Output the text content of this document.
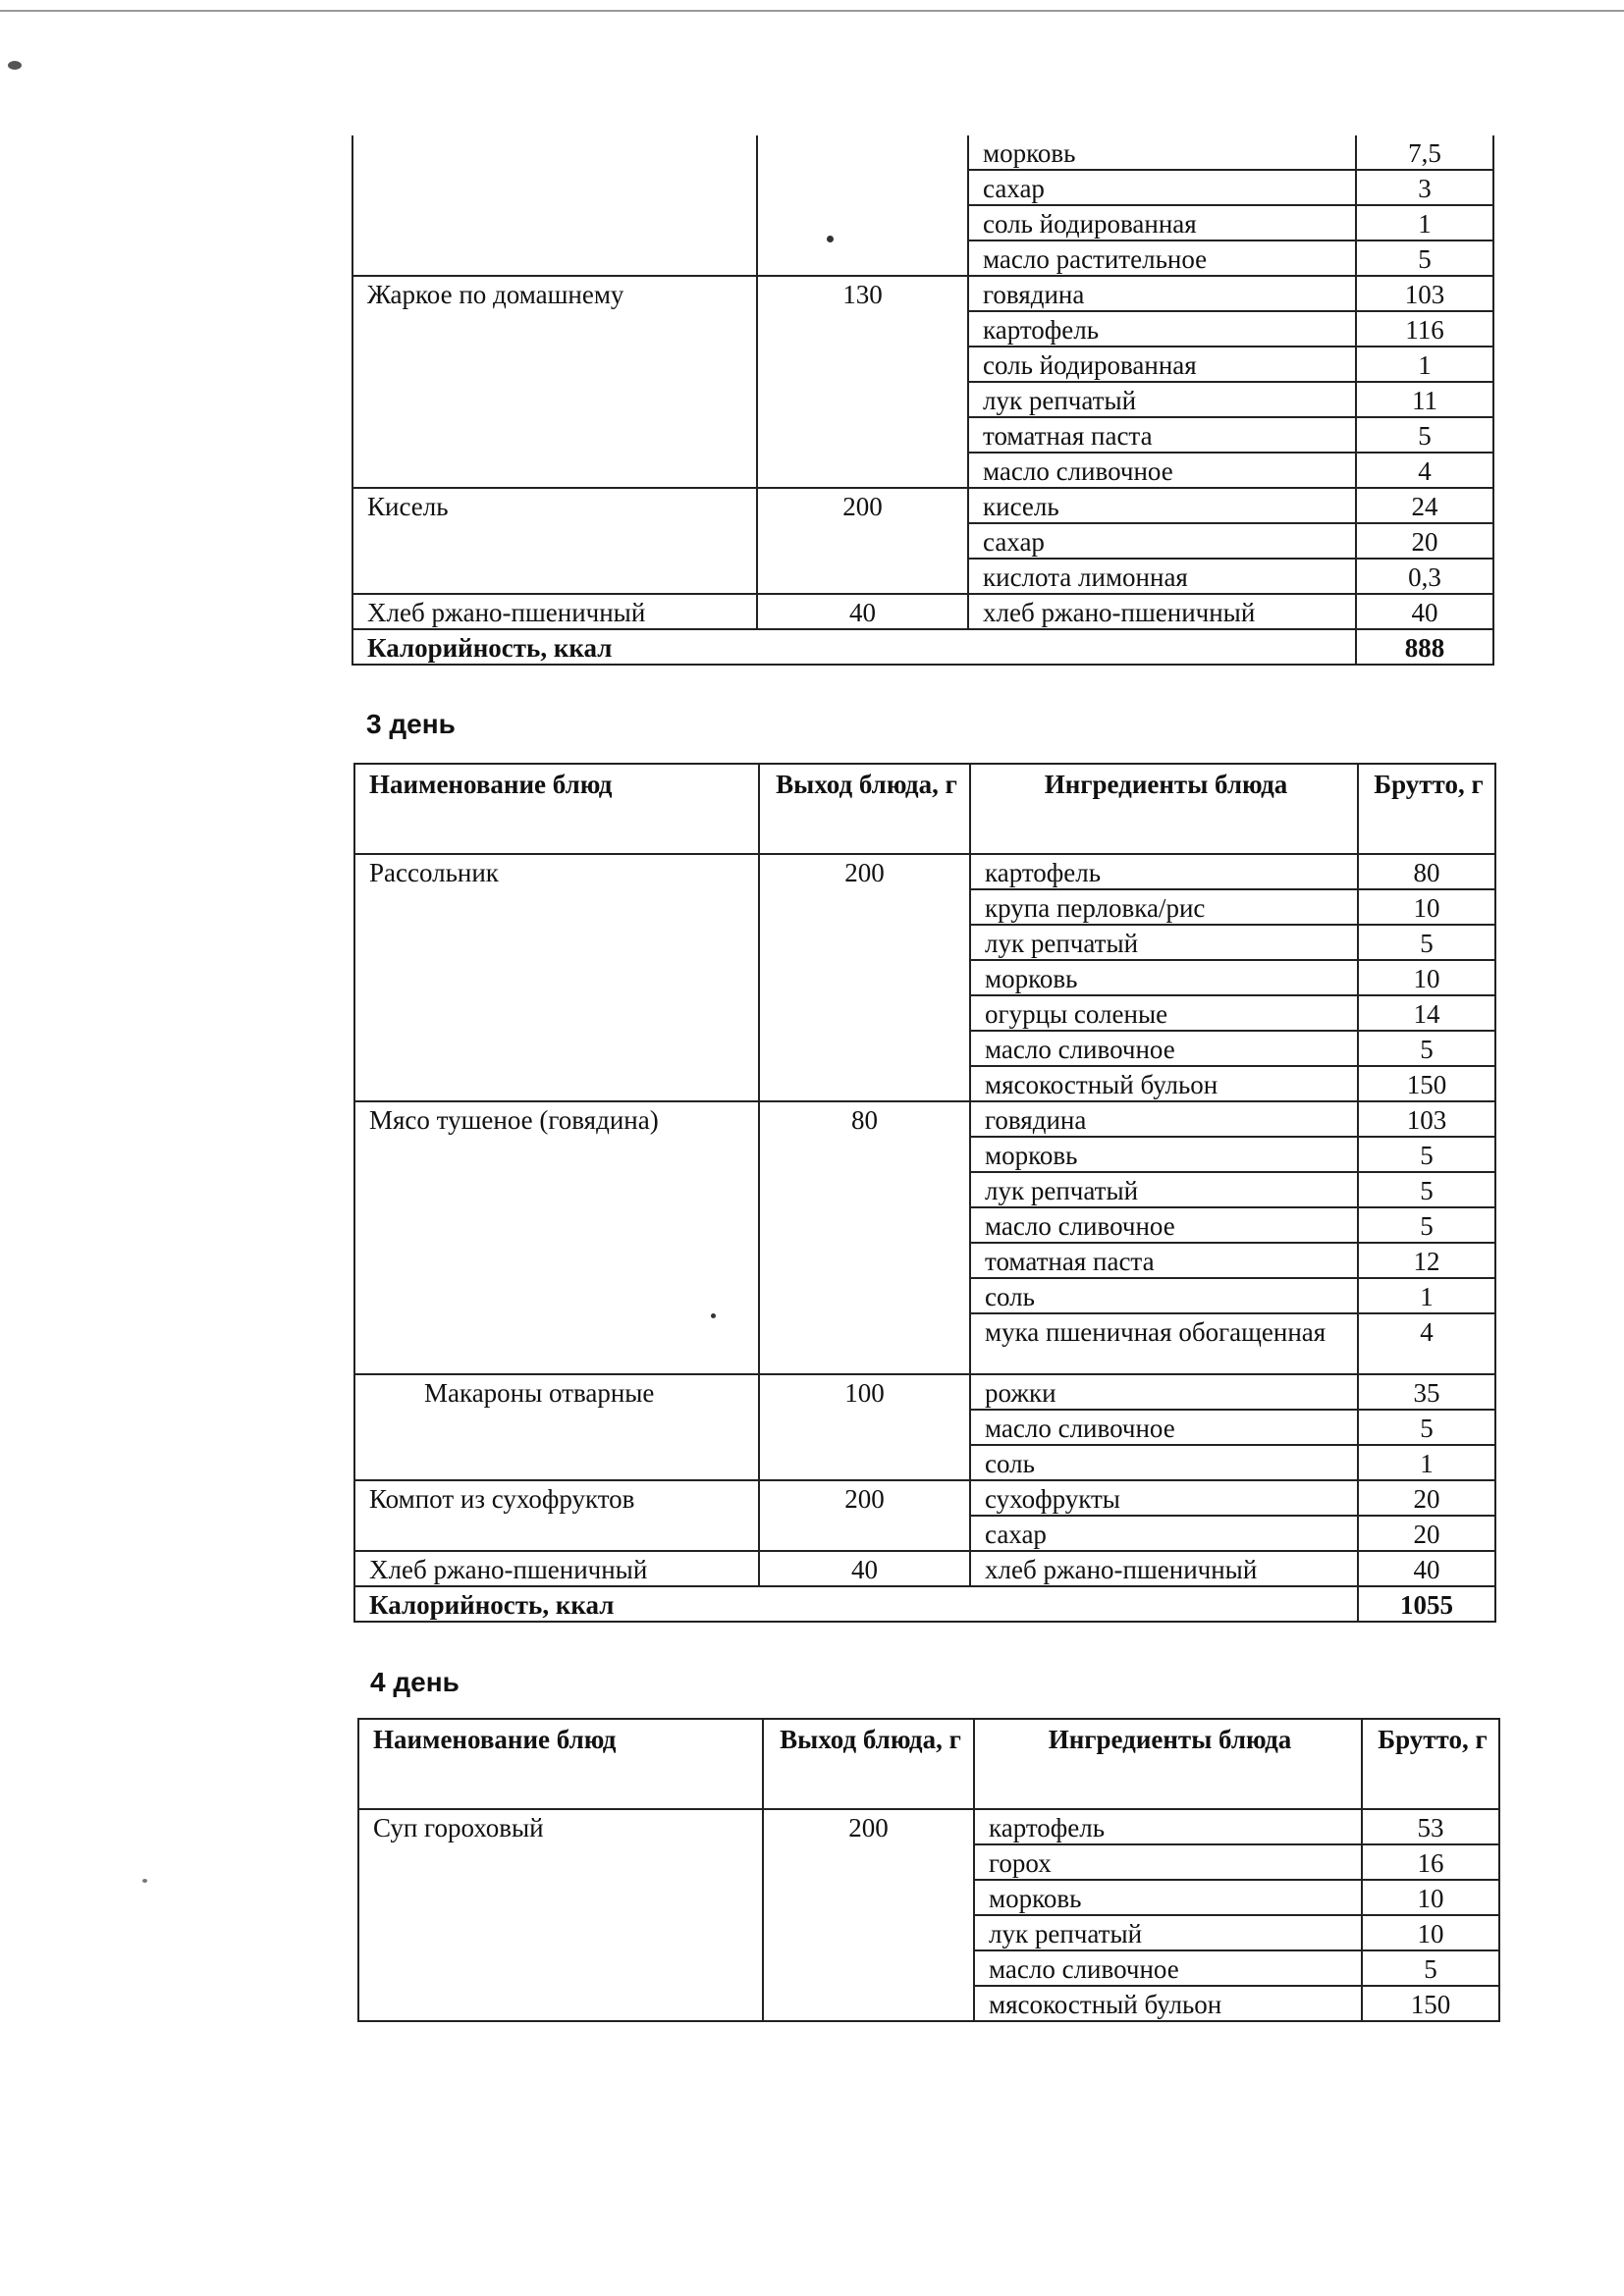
		морковь	7,5
		сахар	3
		соль йодированная	1
		масло растительное	5
Жаркое по домашнему	130	говядина	103
		картофель	116
		соль йодированная	1
		лук репчатый	11
		томатная паста	5
		масло сливочное	4
Кисель	200	кисель	24
		сахар	20
		кислота лимонная	0,3
Хлеб ржано-пшеничный	40	хлеб ржано-пшеничный	40
Калорийность, ккал			888
3 день
Наименование блюд	Выход блюда, г	Ингредиенты блюда	Брутто, г
Рассольник	200	картофель	80
		крупа перловка/рис	10
		лук репчатый	5
		морковь	10
		огурцы соленые	14
		масло сливочное	5
		мясокостный бульон	150
Мясо тушеное (говядина)	80	говядина	103
		морковь	5
		лук репчатый	5
		масло сливочное	5
		томатная паста	12
		соль	1
		мука пшеничная обогащенная	4
Макароны отварные	100	рожки	35
		масло сливочное	5
		соль	1
Компот из сухофруктов	200	сухофрукты	20
		сахар	20
Хлеб ржано-пшеничный	40	хлеб ржано-пшеничный	40
Калорийность, ккал			1055
4 день
Наименование блюд	Выход блюда, г	Ингредиенты блюда	Брутто, г
Суп гороховый	200	картофель	53
		горох	16
		морковь	10
		лук репчатый	10
		масло сливочное	5
		мясокостный бульон	150
